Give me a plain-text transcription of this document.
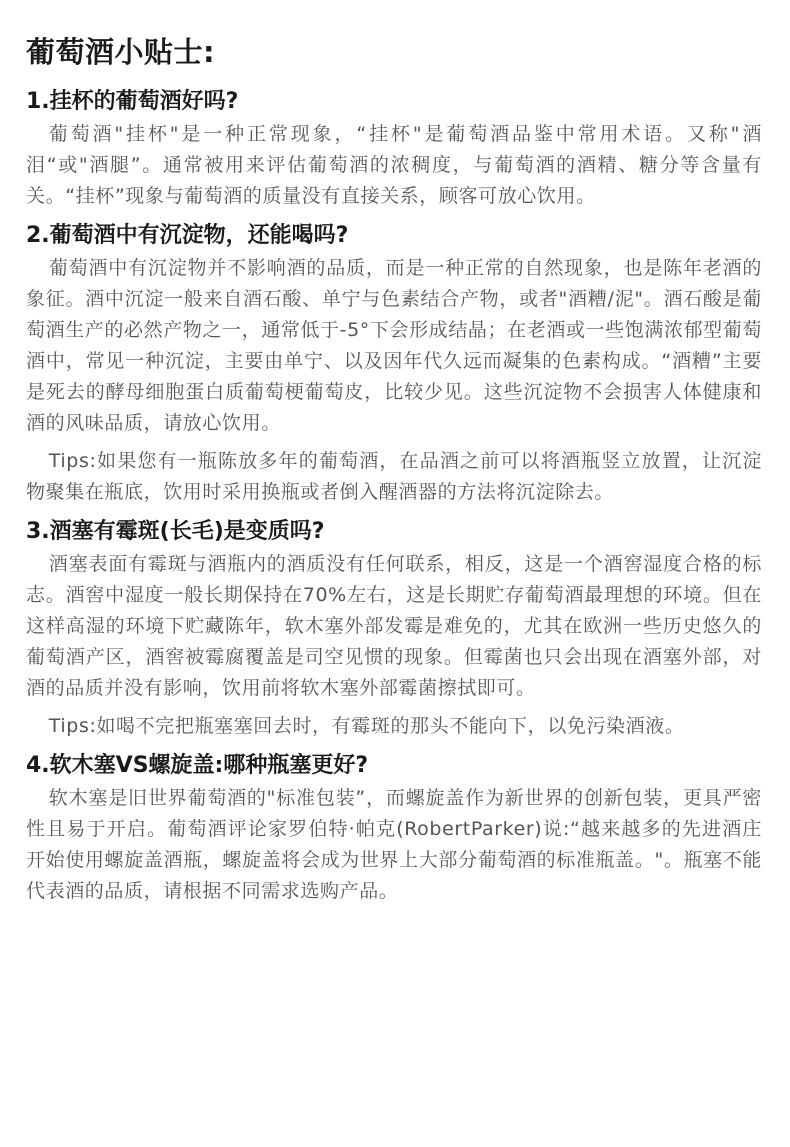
葡萄酒小贴士:
1.挂杯的葡萄酒好吗?

葡萄酒"挂杯"是一种正常现象，“挂杯"是葡萄酒品鉴中常用术语。又称"酒泪“或"酒腿”。通常被用来评估葡萄酒的浓稠度，与葡萄酒的酒精、糖分等含量有关。“挂杯”现象与葡萄酒的质量没有直接关系，顾客可放心饮用。

2.葡萄酒中有沉淀物，还能喝吗?

葡萄酒中有沉淀物并不影响酒的品质，而是一种正常的自然现象，也是陈年老酒的象征。酒中沉淀一般来自酒石酸、单宁与色素结合产物，或者"酒糟/泥"。酒石酸是葡萄酒生产的必然产物之一，通常低于-5°下会形成结晶；在老酒或一些饱满浓郁型葡萄酒中，常见一种沉淀，主要由单宁、以及因年代久远而凝集的色素构成。“酒糟”主要是死去的酵母细胞蛋白质葡萄梗葡萄皮，比较少见。这些沉淀物不会损害人体健康和酒的风味品质，请放心饮用。

Tips:如果您有一瓶陈放多年的葡萄酒，在品酒之前可以将酒瓶竖立放置，让沉淀物聚集在瓶底，饮用时采用换瓶或者倒入醒酒器的方法将沉淀除去。

3.酒塞有霉斑(长毛)是变质吗?

酒塞表面有霉斑与酒瓶内的酒质没有任何联系，相反，这是一个酒窖湿度合格的标志。酒窖中湿度一般长期保持在70%左右，这是长期贮存葡萄酒最理想的环境。但在这样高湿的环境下贮藏陈年，软木塞外部发霉是难免的，尤其在欧洲一些历史悠久的葡萄酒产区，酒窖被霉腐覆盖是司空见惯的现象。但霉菌也只会出现在酒塞外部，对酒的品质并没有影响，饮用前将软木塞外部霉菌擦拭即可。

Tips:如喝不完把瓶塞塞回去时，有霉斑的那头不能向下，以免污染酒液。

4.软木塞VS螺旋盖:哪种瓶塞更好?

软木塞是旧世界葡萄酒的"标准包装”，而螺旋盖作为新世界的创新包装，更具严密性且易于开启。葡萄酒评论家罗伯特·帕克(RobertParker)说:“越来越多的先进酒庄开始使用螺旋盖酒瓶，螺旋盖将会成为世界上大部分葡萄酒的标准瓶盖。"。瓶塞不能代表酒的品质，请根据不同需求选购产品。
